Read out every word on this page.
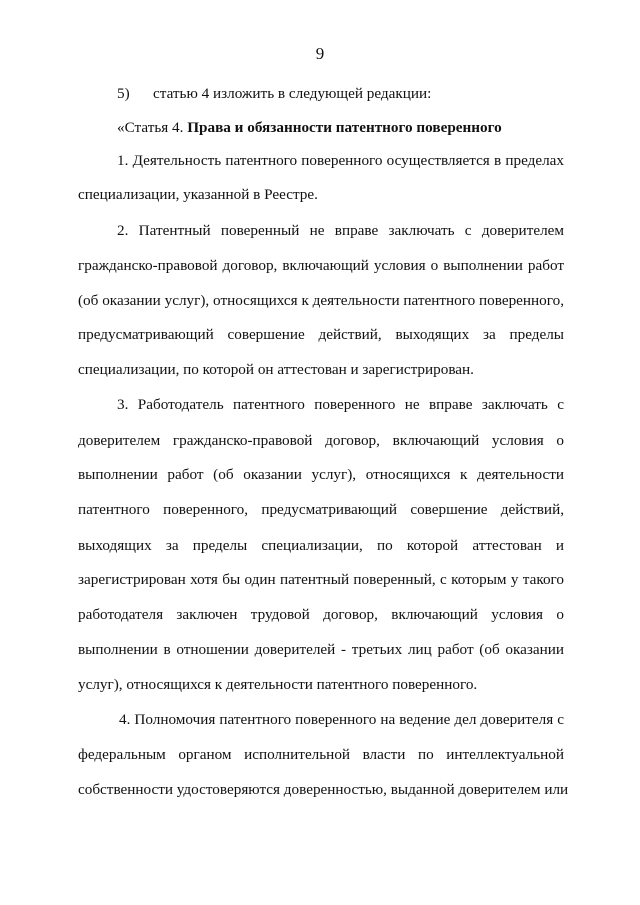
9

5) статью 4 изложить в следующей редакции:

«Статья 4. Права и обязанности патентного поверенного

1. Деятельность патентного поверенного осуществляется в пределах

специализации, указанной в Реестре.

2. Патентный поверенный не вправе заключать с доверителем

гражданско-правовой договор, включающий условия о выполнении работ

(об оказании услуг), относящихся к деятельности патентного поверенного,

предусматривающий совершение действий, выходящих за пределы

специализации, по которой он аттестован и зарегистрирован.

3. Работодатель патентного поверенного не вправе заключать с

доверителем гражданско-правовой договор, включающий условия о

выполнении работ (об оказании услуг), относящихся к деятельности

патентного поверенного, предусматривающий совершение действий,

выходящих за пределы специализации, по которой аттестован и

зарегистрирован хотя бы один патентный поверенный, с которым у такого

работодателя заключен трудовой договор, включающий условия о

выполнении в отношении доверителей - третьих лиц работ (об оказании

услуг), относящихся к деятельности патентного поверенного.

4. Полномочия патентного поверенного на ведение дел доверителя с

федеральным органом исполнительной власти по интеллектуальной

собственности удостоверяются доверенностью, выданной доверителем или
